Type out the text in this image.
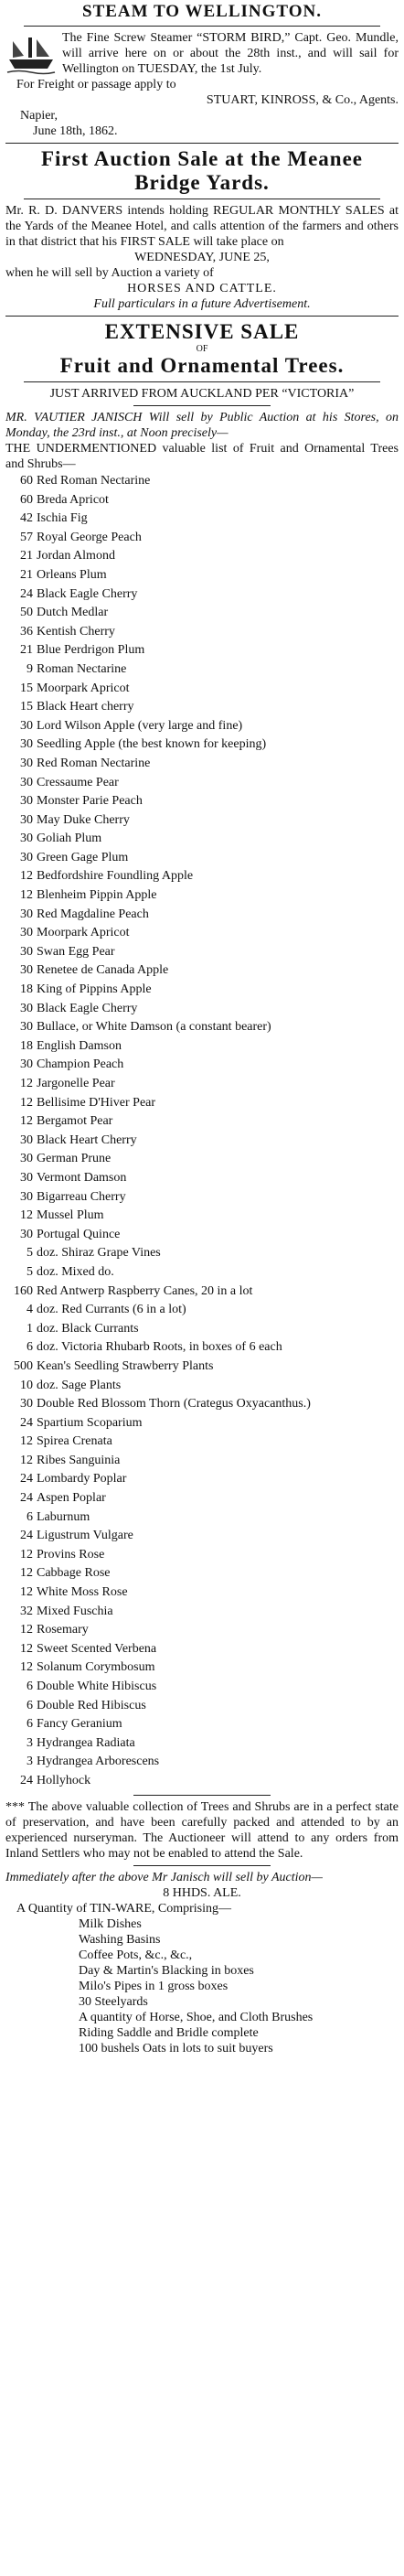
STEAM TO WELLINGTON.
The Fine Screw Steamer “STORM BIRD,” Capt. Geo. Mundle, will arrive here on or about the 28th inst., and will sail for Wellington on TUESDAY, the 1st July.
For Freight or passage apply to
STUART, KINROSS, & Co., Agents.
Napier,
June 18th, 1862.
First Auction Sale at the Meanee Bridge Yards.
Mr. R. D. DANVERS intends holding REGULAR MONTHLY SALES at the Yards of the Meanee Hotel, and calls attention of the farmers and others in that district that his FIRST SALE will take place on
WEDNESDAY, JUNE 25,
when he will sell by Auction a variety of
HORSES AND CATTLE.
Full particulars in a future Advertisement.
EXTENSIVE SALE
OF
Fruit and Ornamental Trees.
JUST ARRIVED FROM AUCKLAND PER “VICTORIA”
MR. VAUTIER JANISCH Will sell by Public Auction at his Stores, on Monday, the 23rd inst., at Noon precisely—
THE UNDERMENTIONED valuable list of Fruit and Ornamental Trees and Shrubs—
60 Red Roman Nectarine
60 Breda Apricot
42 Ischia Fig
57 Royal George Peach
21 Jordan Almond
21 Orleans Plum
24 Black Eagle Cherry
50 Dutch Medlar
36 Kentish Cherry
21 Blue Perdrigon Plum
9 Roman Nectarine
15 Moorpark Apricot
15 Black Heart cherry
30 Lord Wilson Apple (very large and fine)
30 Seedling Apple (the best known for keeping)
30 Red Roman Nectarine
30 Cressaume Pear
30 Monster Parie Peach
30 May Duke Cherry
30 Goliah Plum
30 Green Gage Plum
12 Bedfordshire Foundling Apple
12 Blenheim Pippin Apple
30 Red Magdaline Peach
30 Moorpark Apricot
30 Swan Egg Pear
30 Renetee de Canada Apple
18 King of Pippins Apple
30 Black Eagle Cherry
30 Bullace, or White Damson (a constant bearer)
18 English Damson
30 Champion Peach
12 Jargonelle Pear
12 Bellisime D'Hiver Pear
12 Bergamot Pear
30 Black Heart Cherry
30 German Prune
30 Vermont Damson
30 Bigarreau Cherry
12 Mussel Plum
30 Portugal Quince
5 doz. Shiraz Grape Vines
5 doz. Mixed do.
160 Red Antwerp Raspberry Canes, 20 in a lot
4 doz. Red Currants (6 in a lot)
1 doz. Black Currants
6 doz. Victoria Rhubarb Roots, in boxes of 6 each
500 Kean's Seedling Strawberry Plants
10 doz. Sage Plants
30 Double Red Blossom Thorn (Crategus Oxyacanthus.)
24 Spartium Scoparium
12 Spirea Crenata
12 Ribes Sanguinia
24 Lombardy Poplar
24 Aspen Poplar
6 Laburnum
24 Ligustrum Vulgare
12 Provins Rose
12 Cabbage Rose
12 White Moss Rose
32 Mixed Fuschia
12 Rosemary
12 Sweet Scented Verbena
12 Solanum Corymbosum
6 Double White Hibiscus
6 Double Red Hibiscus
6 Fancy Geranium
3 Hydrangea Radiata
3 Hydrangea Arborescens
24 Hollyhock
*** The above valuable collection of Trees and Shrubs are in a perfect state of preservation, and have been carefully packed and attended to by an experienced nurseryman. The Auctioneer will attend to any orders from Inland Settlers who may not be enabled to attend the Sale.
Immediately after the above Mr Janisch will sell by Auction—
8 HHDS. ALE.
A Quantity of TIN-WARE, Comprising—
Milk Dishes
Washing Basins
Coffee Pots, &c., &c.,
Day & Martin's Blacking in boxes
Milo's Pipes in 1 gross boxes
30 Steelyards
A quantity of Horse, Shoe, and Cloth Brushes
Riding Saddle and Bridle complete
100 bushels Oats in lots to suit buyers
